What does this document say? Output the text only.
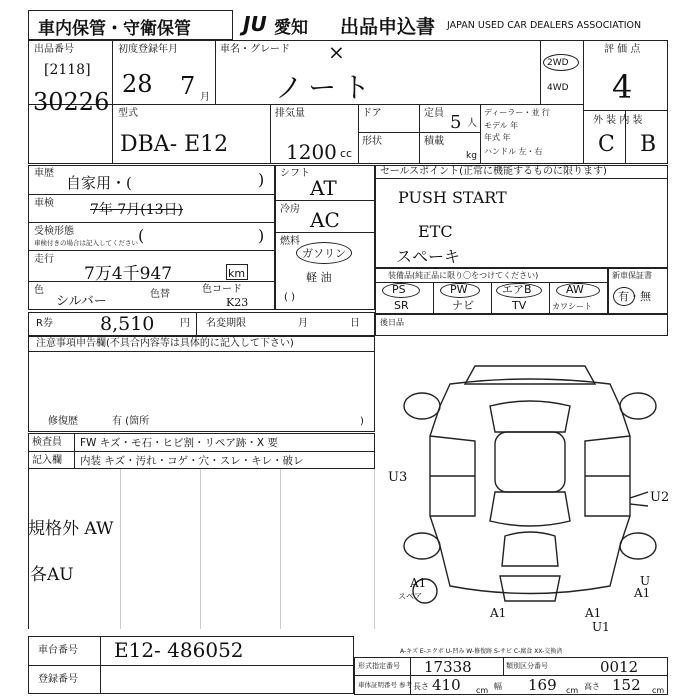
車内保管・守衛保管	JU 愛知 出品申込書 JAPAN USED CAR DEALERS ASSOCIATION
出品番号
[2118]
30226
初度登録年月
28 7 月
車名・グレード ×
ノート
2WD
4WD
評 価 点
4
外 装 内 装
C B
型式
DBA- E12
排気量
1200 cc
ドア
形状
定員 5 人
積載
kg
ディーラー・並 行
モデル 年
年式 年
ハンドル 左・右
車歴
自家用・(	)
車検	7年 7月(13日)
受検形態
車検付きの場合は記入してください (	)
走行
7万4千947	km
色
シルバー	色替	色コード
K23
シフト
AT
冷房 AC
燃料
ガソリン
軽 油
( )
セールスポイント(正常に機能するものに限ります)
PUSH START
ETC
スペーキ
装備品(純正品に限り〇をつけてください)
PS
SR
PW
ナビ
エアB
TV
AW
カワシート
新車保証書
有・無
R券 8,510	円 名変期限	月	日
注意事項申告欄(不具合内容等は具体的に記入して下さい)
修復歴	有 (箇所	)
後日品
検査員
記入欄
FW キズ・モ石・ヒビ割・リペア跡・X 要
内装 キズ・汚れ・コゲ・穴・スレ・キレ・破レ
規格外 AW
各AU
U3
U2
A1
A1
U
A1
A1
U1
スペア
A-キズ E-エクボ U-凹み W-修復跡 S-サビ C-腐食 XX-交換済
車台番号 E12- 486052
登録番号
形式指定番号 17338	類別区分番号	0012
車体証明番号 参考 長さ 410 cm 幅 169 cm 高さ 152 cm
